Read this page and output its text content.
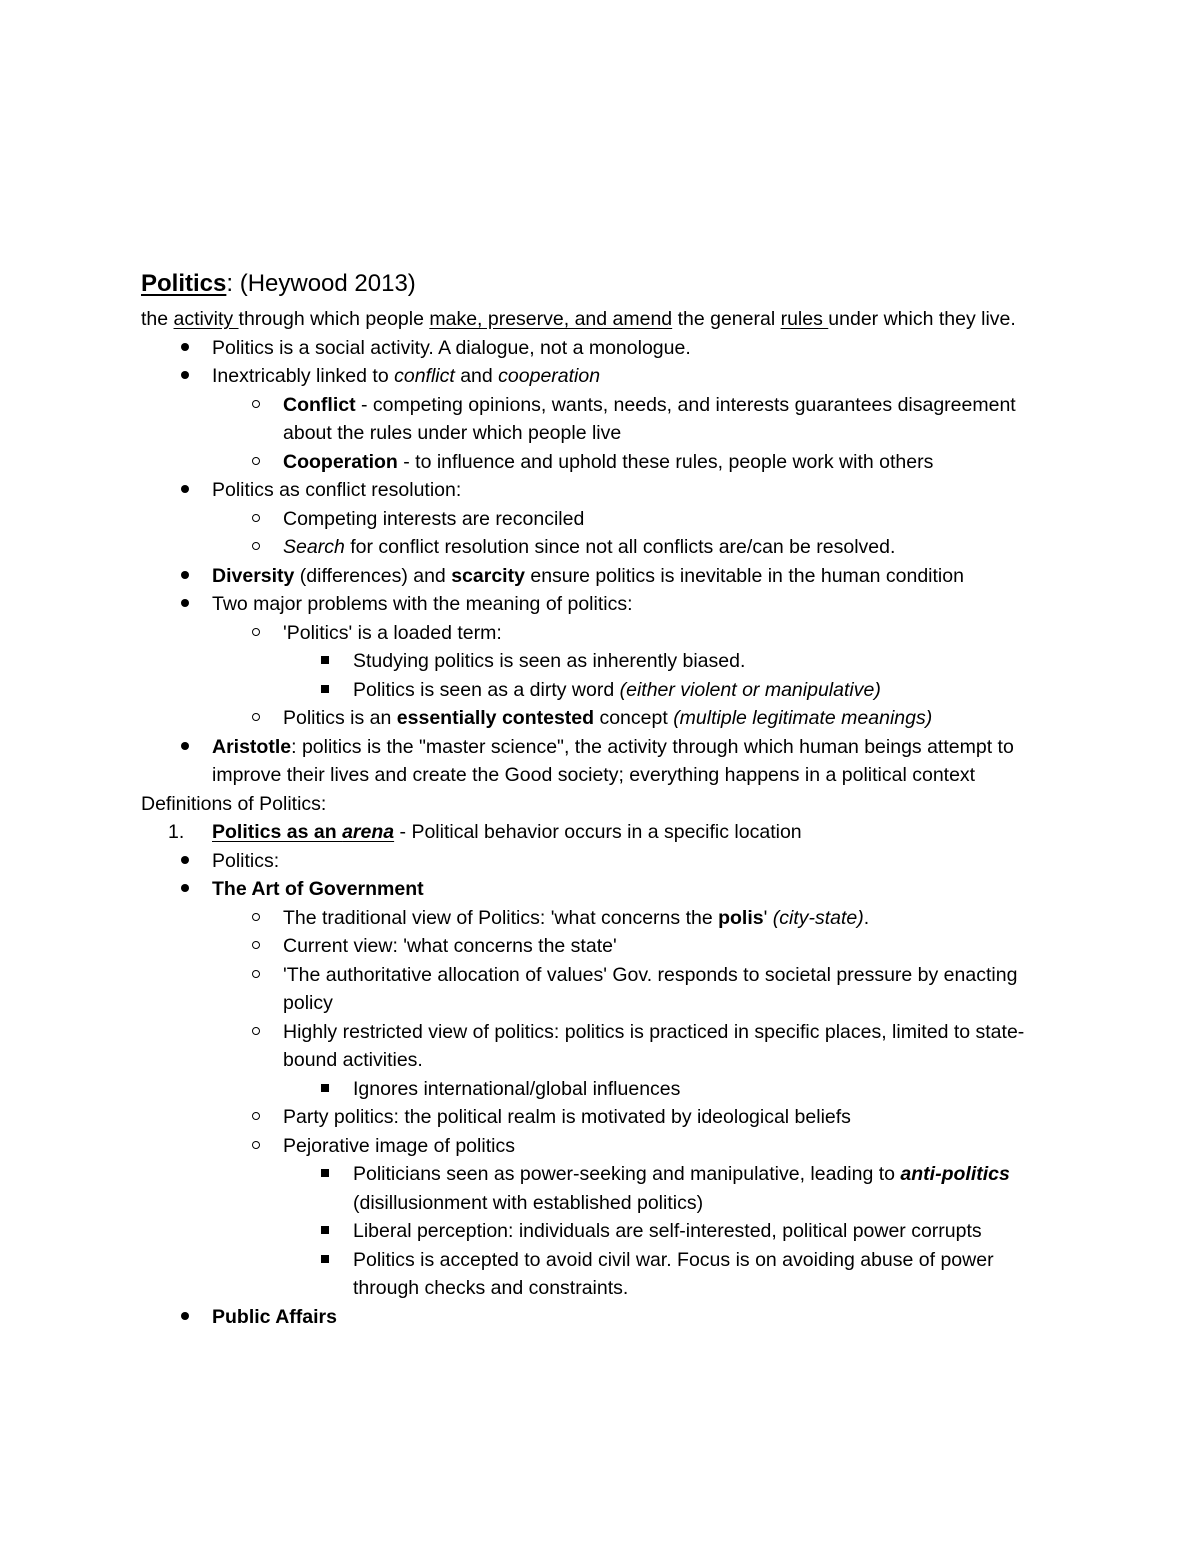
Politics: (Heywood 2013)
the activity through which people make, preserve, and amend the general rules under which they live.
Politics is a social activity. A dialogue, not a monologue.
Inextricably linked to conflict and cooperation
Conflict - competing opinions, wants, needs, and interests guarantees disagreement about the rules under which people live
Cooperation - to influence and uphold these rules, people work with others
Politics as conflict resolution:
Competing interests are reconciled
Search for conflict resolution since not all conflicts are/can be resolved.
Diversity (differences) and scarcity ensure politics is inevitable in the human condition
Two major problems with the meaning of politics:
'Politics' is a loaded term:
Studying politics is seen as inherently biased.
Politics is seen as a dirty word (either violent or manipulative)
Politics is an essentially contested concept (multiple legitimate meanings)
Aristotle: politics is the "master science", the activity through which human beings attempt to improve their lives and create the Good society; everything happens in a political context
Definitions of Politics:
1. Politics as an arena - Political behavior occurs in a specific location
Politics:
The Art of Government
The traditional view of Politics: 'what concerns the polis' (city-state).
Current view: 'what concerns the state'
'The authoritative allocation of values' Gov. responds to societal pressure by enacting policy
Highly restricted view of politics: politics is practiced in specific places, limited to state-bound activities.
Ignores international/global influences
Party politics: the political realm is motivated by ideological beliefs
Pejorative image of politics
Politicians seen as power-seeking and manipulative, leading to anti-politics (disillusionment with established politics)
Liberal perception: individuals are self-interested, political power corrupts
Politics is accepted to avoid civil war. Focus is on avoiding abuse of power through checks and constraints.
Public Affairs
